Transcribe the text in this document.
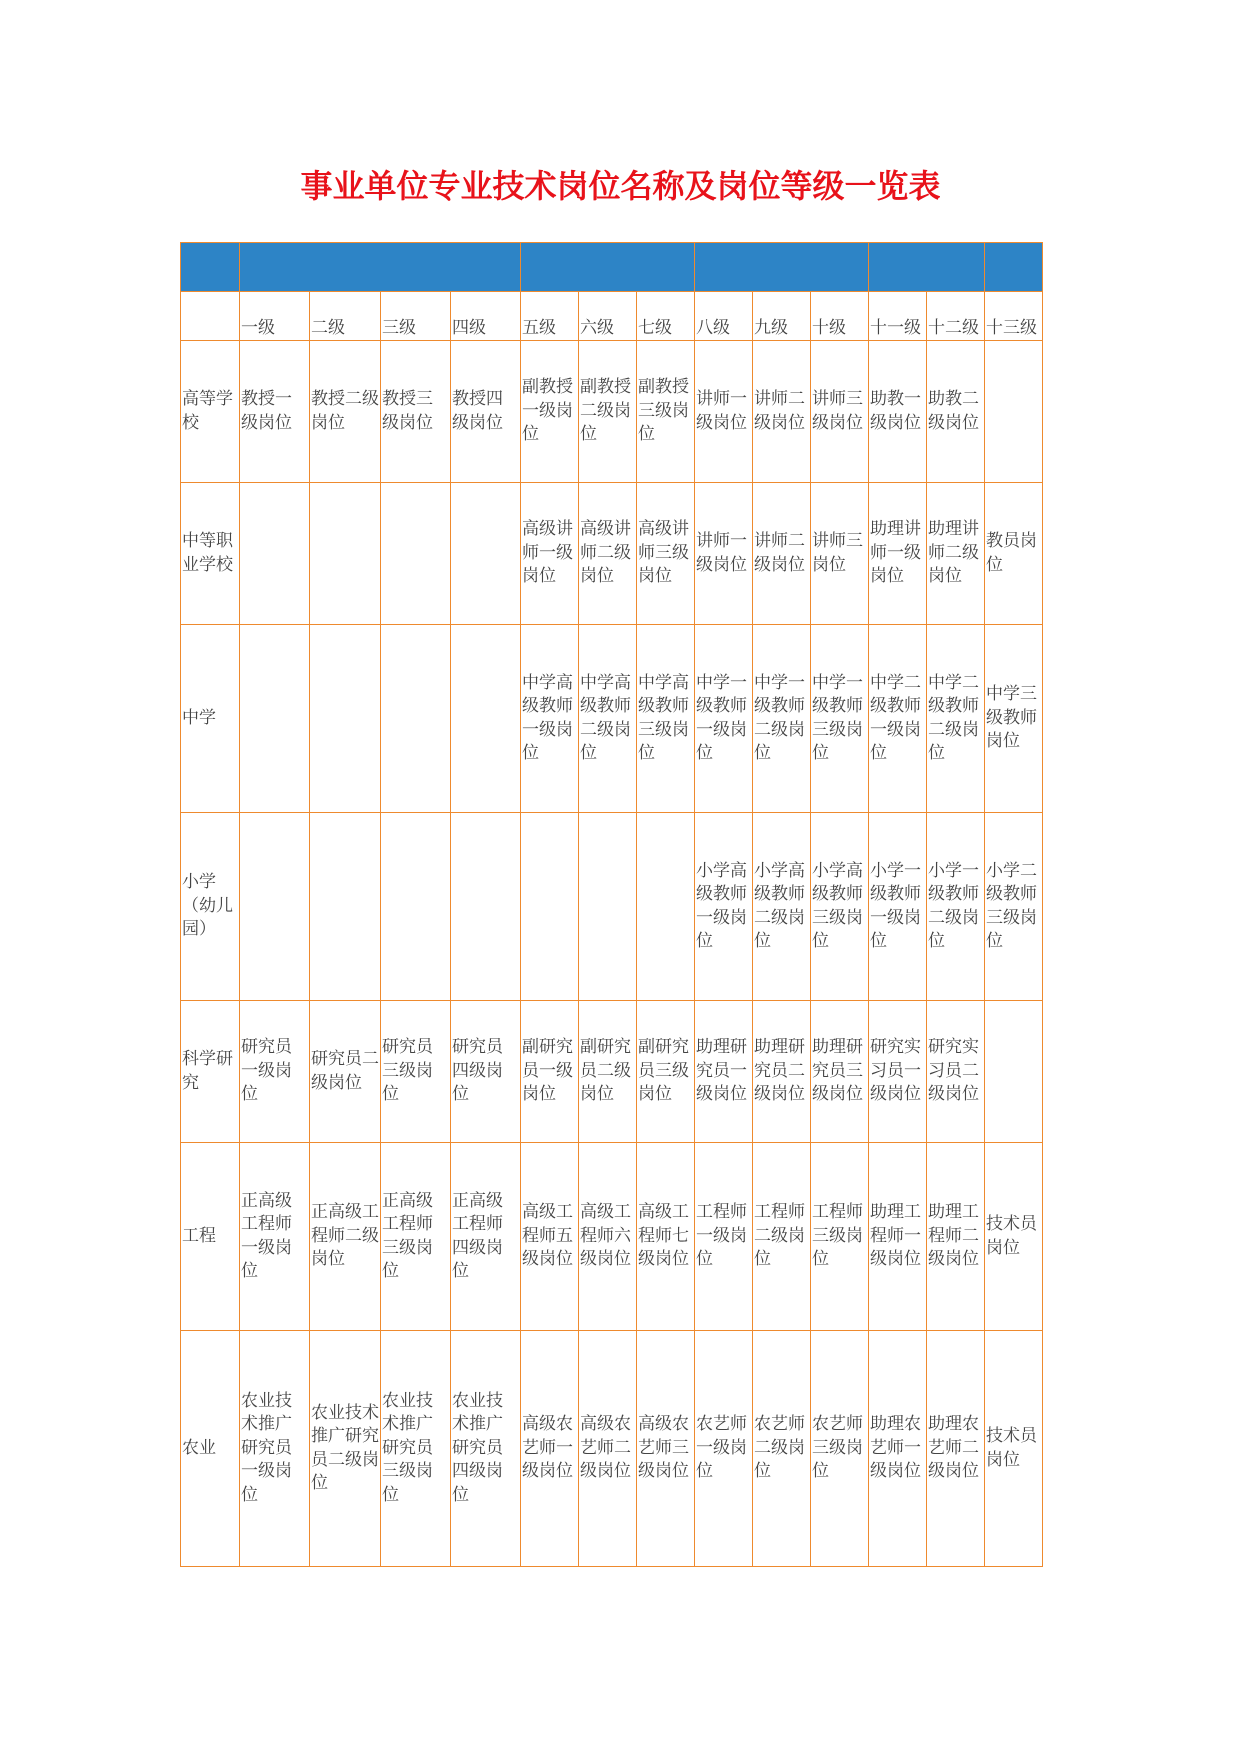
事业单位专业技术岗位名称及岗位等级一览表

	一级	二级	三级	四级	五级	六级	七级	八级	九级	十级	十一级	十二级	十三级
高等学校	教授一级岗位	教授二级岗位	教授三级岗位	教授四级岗位	副教授一级岗位	副教授二级岗位	副教授三级岗位	讲师一级岗位	讲师二级岗位	讲师三级岗位	助教一级岗位	助教二级岗位	
中等职业学校					高级讲师一级岗位	高级讲师二级岗位	高级讲师三级岗位	讲师一级岗位	讲师二级岗位	讲师三岗位	助理讲师一级岗位	助理讲师二级岗位	教员岗位
中学					中学高级教师一级岗位	中学高级教师二级岗位	中学高级教师三级岗位	中学一级教师一级岗位	中学一级教师二级岗位	中学一级教师三级岗位	中学二级教师一级岗位	中学二级教师二级岗位	中学三级教师岗位
小学（幼儿园）								小学高级教师一级岗位	小学高级教师二级岗位	小学高级教师三级岗位	小学一级教师一级岗位	小学一级教师二级岗位	小学二级教师三级岗位
科学研究	研究员一级岗位	研究员二级岗位	研究员三级岗位	研究员四级岗位	副研究员一级岗位	副研究员二级岗位	副研究员三级岗位	助理研究员一级岗位	助理研究员二级岗位	助理研究员三级岗位	研究实习员一级岗位	研究实习员二级岗位	
工程	正高级工程师一级岗位	正高级工程师二级岗位	正高级工程师三级岗位	正高级工程师四级岗位	高级工程师五级岗位	高级工程师六级岗位	高级工程师七级岗位	工程师一级岗位	工程师二级岗位	工程师三级岗位	助理工程师一级岗位	助理工程师二级岗位	技术员岗位
农业	农业技术推广研究员一级岗位	农业技术推广研究员二级岗位	农业技术推广研究员三级岗位	农业技术推广研究员四级岗位	高级农艺师一级岗位	高级农艺师二级岗位	高级农艺师三级岗位	农艺师一级岗位	农艺师二级岗位	农艺师三级岗位	助理农艺师一级岗位	助理农艺师二级岗位	技术员岗位
